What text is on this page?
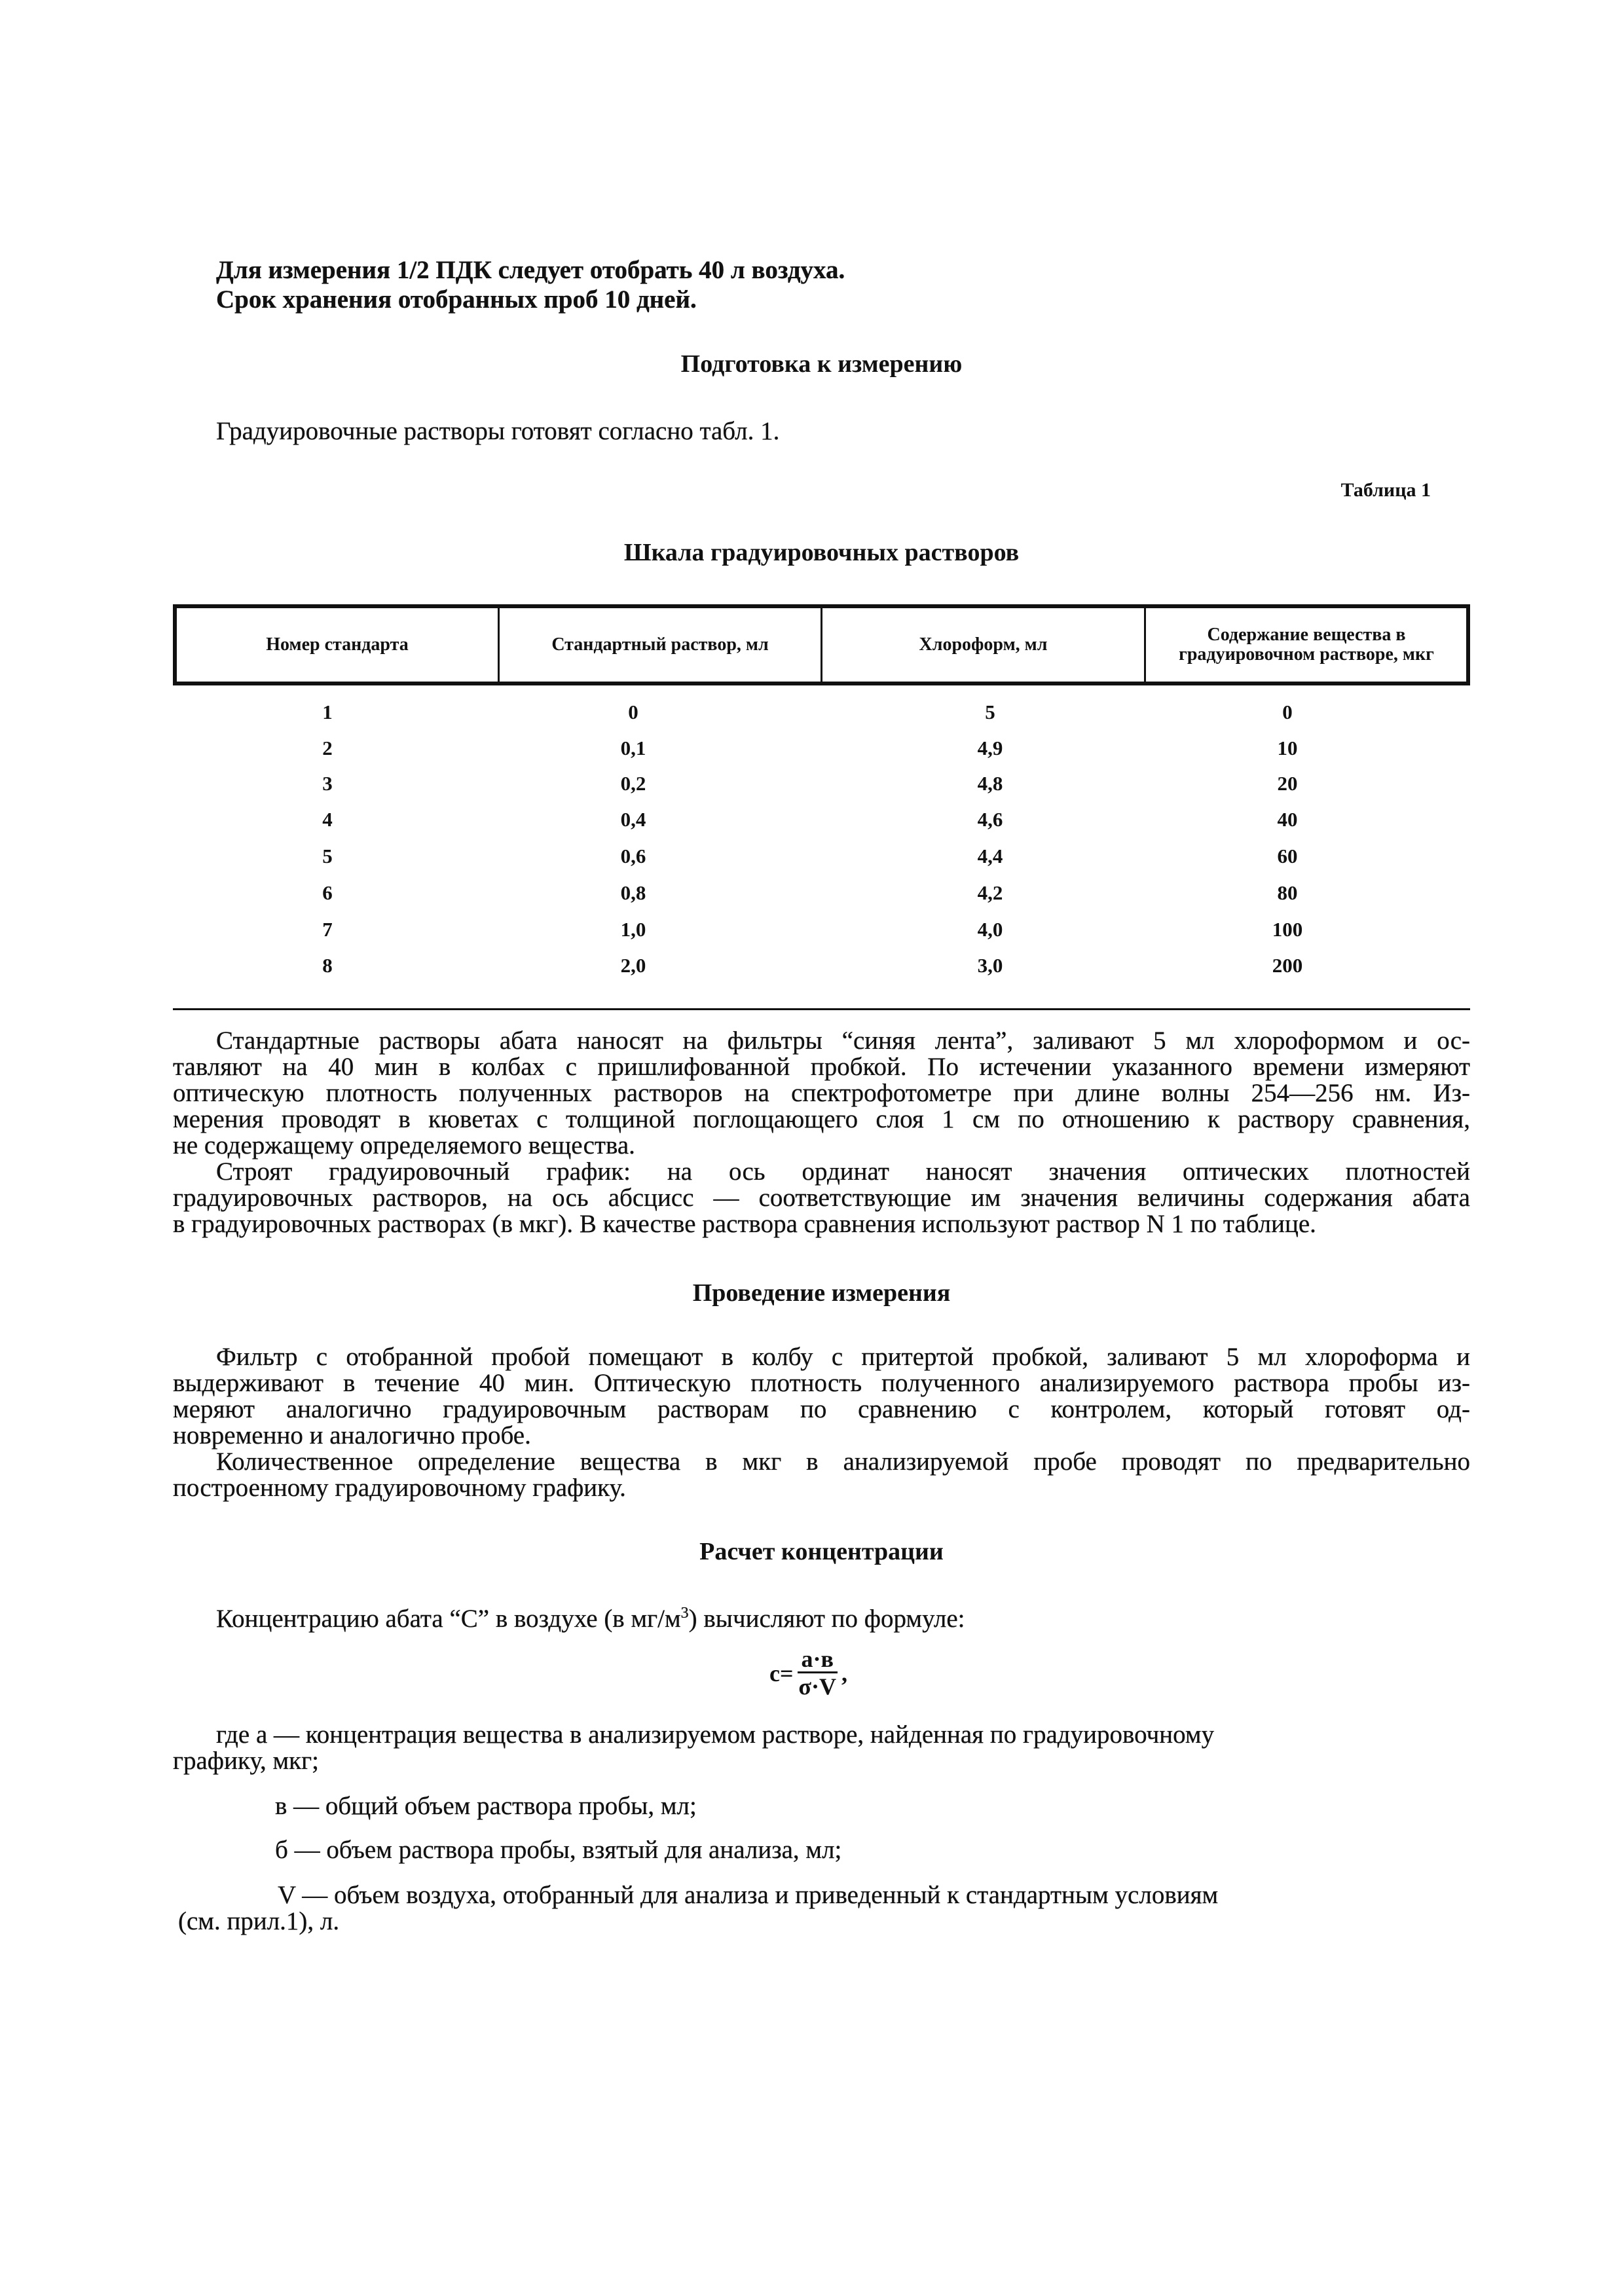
Для измерения 1/2 ПДК следует отобрать 40 л воздуха.
Срок хранения отобранных проб 10 дней.
Подготовка к измерению
Градуировочные растворы готовят согласно табл. 1.
Таблица 1
Шкала градуировочных растворов
Номер стандарта	Стандартный раствор, мл	Хлороформ, мл	Содержание вещества в градуировочном растворе, мкг
1	0	5	0
2	0,1	4,9	10
3	0,2	4,8	20
4	0,4	4,6	40
5	0,6	4,4	60
6	0,8	4,2	80
7	1,0	4,0	100
8	2,0	3,0	200
Стандартные растворы абата наносят на фильтры “синяя лента”, заливают 5 мл хлороформом и ос-
тавляют на 40 мин в колбах с пришлифованной пробкой. По истечении указанного времени измеряют
оптическую плотность полученных растворов на спектрофотометре при длине волны 254—256 нм. Из-
мерения проводят в кюветах с толщиной поглощающего слоя 1 см по отношению к раствору сравнения,
не содержащему определяемого вещества.
Строят градуировочный график: на ось ординат наносят значения оптических плотностей
градуировочных растворов, на ось абсцисс — соответствующие им значения величины содержания абата
в градуировочных растворах (в мкг). В качестве раствора сравнения используют раствор N 1 по таблице.
Проведение измерения
Фильтр с отобранной пробой помещают в колбу с притертой пробкой, заливают 5 мл хлороформа и
выдерживают в течение 40 мин. Оптическую плотность полученного анализируемого раствора пробы из-
меряют аналогично градуировочным растворам по сравнению с контролем, который готовят од-
новременно и аналогично пробе.
Количественное определение вещества в мкг в анализируемой пробе проводят по предварительно
построенному градуировочному графику.
Расчет концентрации
Концентрацию абата “С” в воздухе (в $мг/м^3$) вычисляют по формуле:
с=
а·в
σ·V
,
где а — концентрация вещества в анализируемом растворе, найденная по градуировочному
графику, мкг;
в — общий объем раствора пробы, мл;
б — объем раствора пробы, взятый для анализа, мл;
V — объем воздуха, отобранный для анализа и приведенный к стандартным условиям
(см. прил.1), л.
